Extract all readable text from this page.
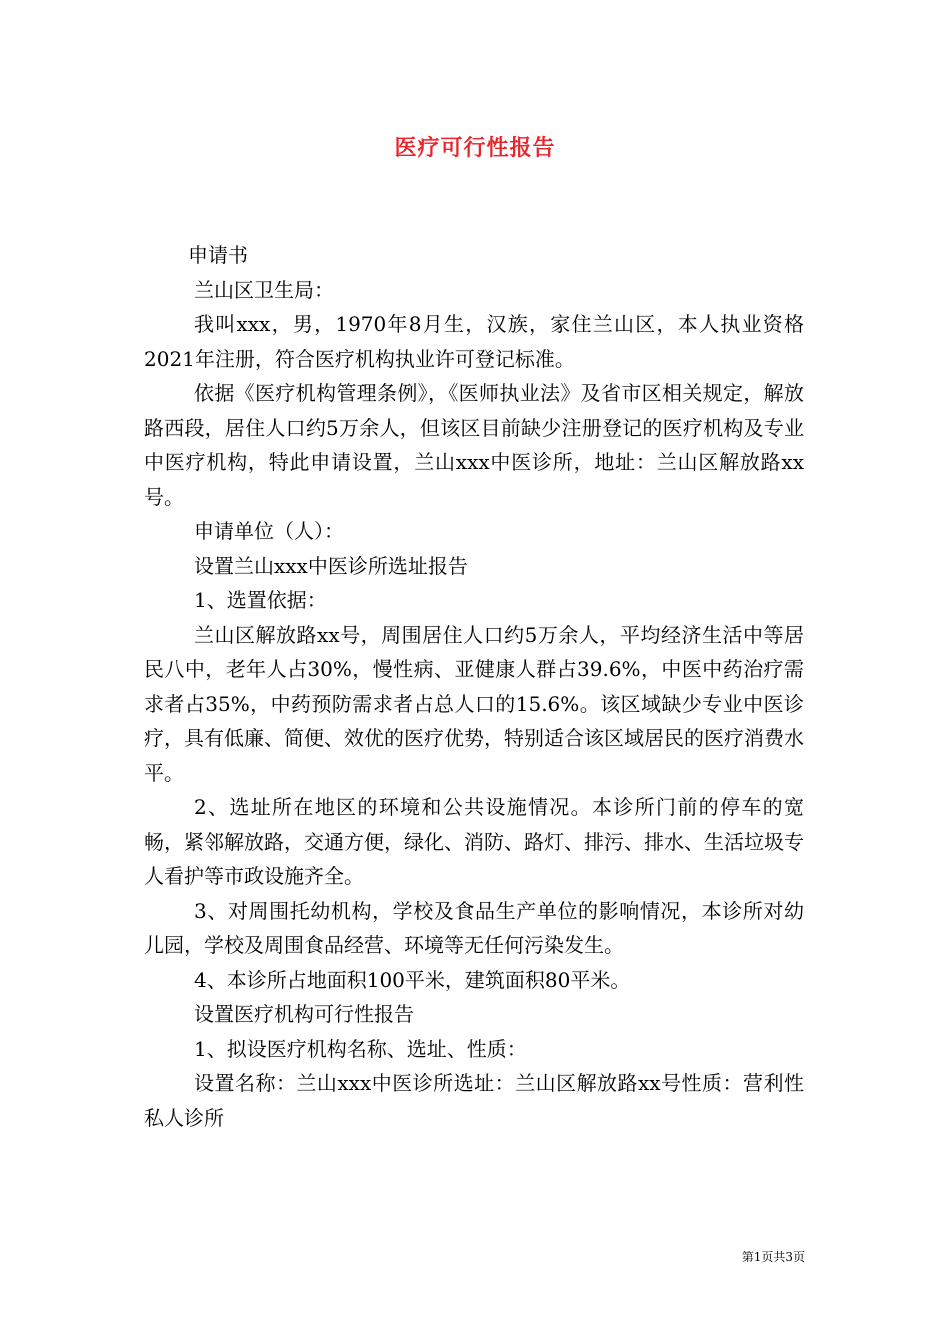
医疗可行性报告

申请书

兰山区卫生局：

我叫xxx，男，1970年8月生，汉族，家住兰山区，本人执业资格2021年注册，符合医疗机构执业许可登记标准。

依据《医疗机构管理条例》，《医师执业法》及省市区相关规定，解放路西段，居住人口约5万余人，但该区目前缺少注册登记的医疗机构及专业中医疗机构，特此申请设置，兰山xxx中医诊所，地址：兰山区解放路xx号。

申请单位（人）：

设置兰山xxx中医诊所选址报告

1、选置依据：

兰山区解放路xx号，周围居住人口约5万余人，平均经济生活中等居民八中，老年人占30%，慢性病、亚健康人群占39.6%，中医中药治疗需求者占35%，中药预防需求者占总人口的15.6%。该区域缺少专业中医诊疗，具有低廉、简便、效优的医疗优势，特别适合该区域居民的医疗消费水平。

2、选址所在地区的环境和公共设施情况。本诊所门前的停车的宽畅，紧邻解放路，交通方便，绿化、消防、路灯、排污、排水、生活垃圾专人看护等市政设施齐全。

3、对周围托幼机构，学校及食品生产单位的影响情况，本诊所对幼儿园，学校及周围食品经营、环境等无任何污染发生。

4、本诊所占地面积100平米，建筑面积80平米。

设置医疗机构可行性报告

1、拟设医疗机构名称、选址、性质：

设置名称：兰山xxx中医诊所选址：兰山区解放路xx号性质：营利性私人诊所

第1页共3页
